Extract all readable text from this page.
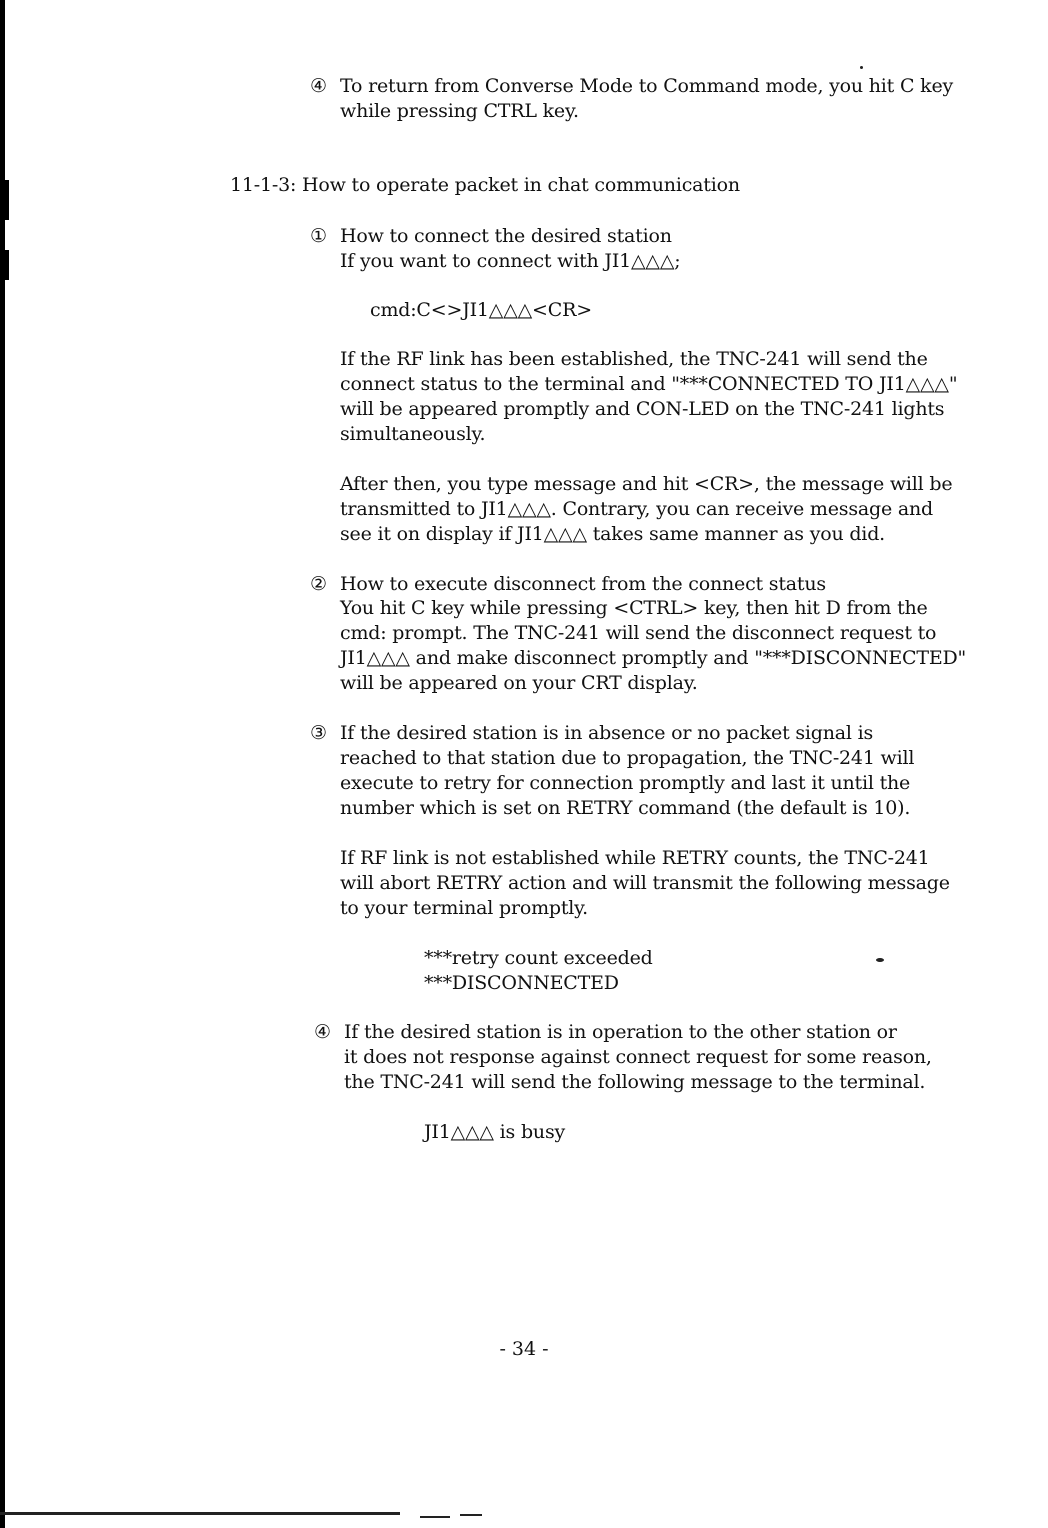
④ To return from Converse Mode to Command mode, you hit C key
while pressing CTRL key.
11-1-3: How to operate packet in chat communication
① How to connect the desired station
If you want to connect with JI1△△△;
cmd:C<>JI1△△△<CR>
If the RF link has been established, the TNC-241 will send the
connect status to the terminal and "***CONNECTED TO JI1△△△"
will be appeared promptly and CON-LED on the TNC-241 lights
simultaneously.
After then, you type message and hit <CR>, the message will be
transmitted to JI1△△△. Contrary, you can receive message and
see it on display if JI1△△△ takes same manner as you did.
② How to execute disconnect from the connect status
You hit C key while pressing <CTRL> key, then hit D from the
cmd: prompt. The TNC-241 will send the disconnect request to
JI1△△△ and make disconnect promptly and "***DISCONNECTED"
will be appeared on your CRT display.
③ If the desired station is in absence or no packet signal is
reached to that station due to propagation, the TNC-241 will
execute to retry for connection promptly and last it until the
number which is set on RETRY command (the default is 10).
If RF link is not established while RETRY counts, the TNC-241
will abort RETRY action and will transmit the following message
to your terminal promptly.
***retry count exceeded
***DISCONNECTED
④ If the desired station is in operation to the other station or
it does not response against connect request for some reason,
the TNC-241 will send the following message to the terminal.
JI1△△△ is busy
- 34 -
